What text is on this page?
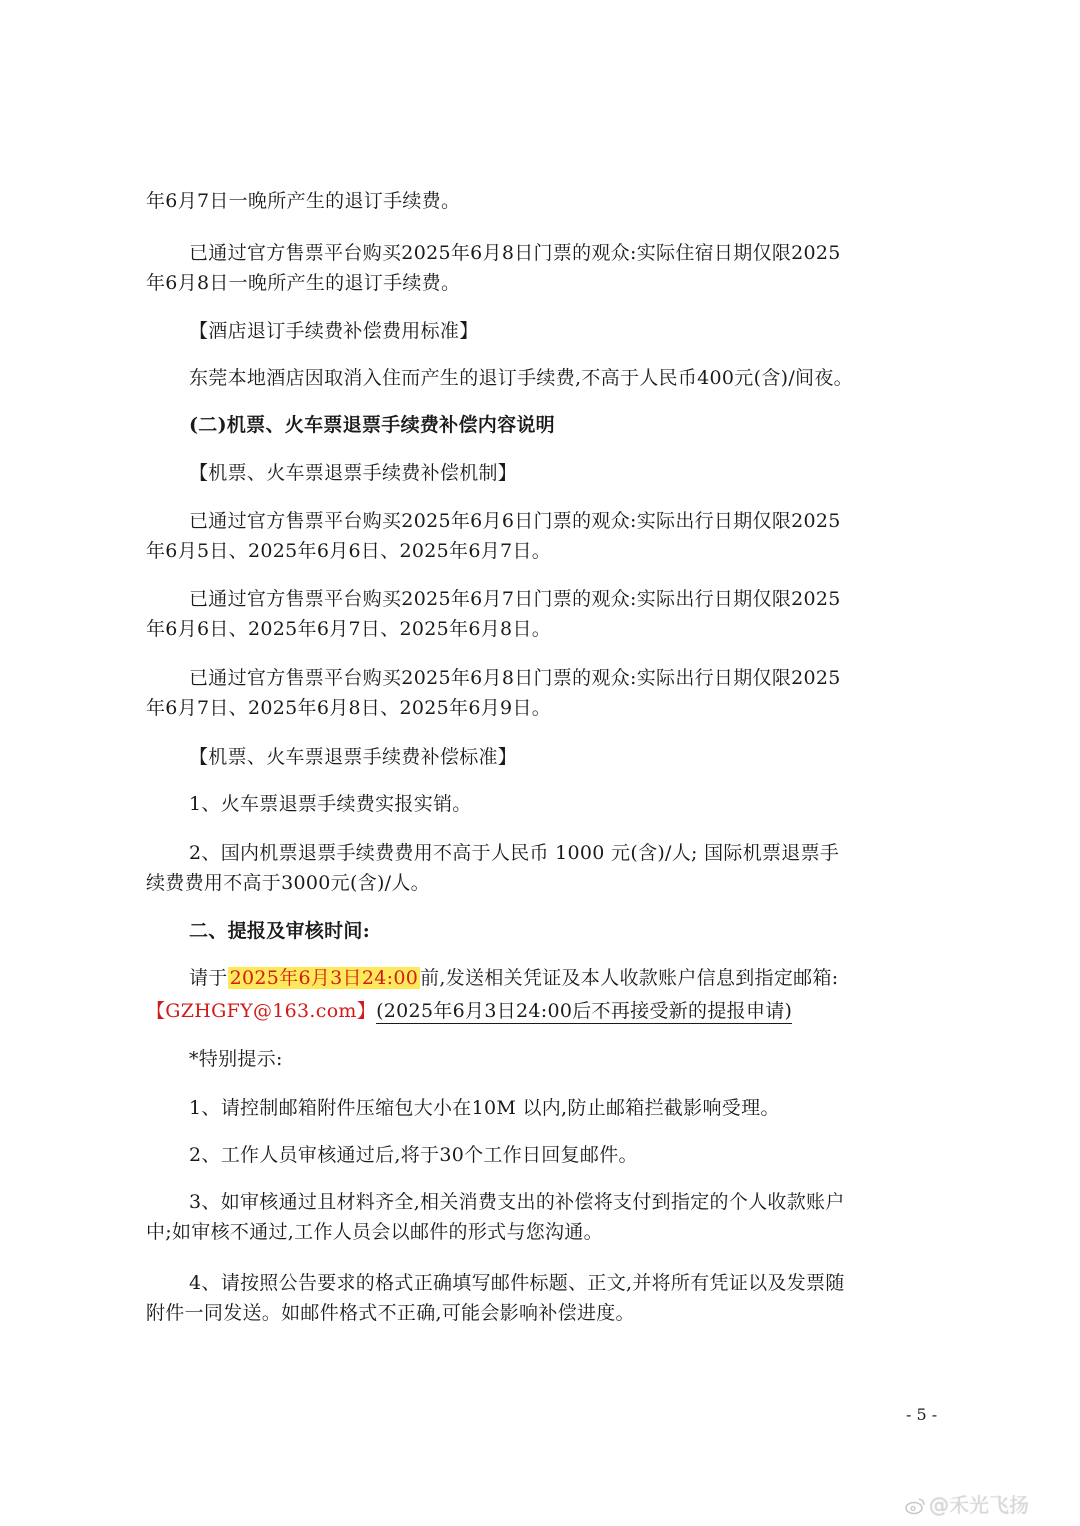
年6月7日一晚所产生的退订手续费。
已通过官方售票平台购买2025年6月8日门票的观众:实际住宿日期仅限2025
年6月8日一晚所产生的退订手续费。
【酒店退订手续费补偿费用标准】
东莞本地酒店因取消入住而产生的退订手续费,不高于人民币400元(含)/间夜。
(二)机票、火车票退票手续费补偿内容说明
【机票、火车票退票手续费补偿机制】
已通过官方售票平台购买2025年6月6日门票的观众:实际出行日期仅限2025
年6月5日、2025年6月6日、2025年6月7日。
已通过官方售票平台购买2025年6月7日门票的观众:实际出行日期仅限2025
年6月6日、2025年6月7日、2025年6月8日。
已通过官方售票平台购买2025年6月8日门票的观众:实际出行日期仅限2025
年6月7日、2025年6月8日、2025年6月9日。
【机票、火车票退票手续费补偿标准】
1、火车票退票手续费实报实销。
2、国内机票退票手续费费用不高于人民币 1000 元(含)/人; 国际机票退票手
续费费用不高于3000元(含)/人。
二、提报及审核时间:
请于 2025年6月3日24:00 前,发送相关凭证及本人收款账户信息到指定邮箱:
【GZHGFY@163.com】(2025年6月3日24:00后不再接受新的提报申请)
*特别提示:
1、请控制邮箱附件压缩包大小在10M 以内,防止邮箱拦截影响受理。
2、工作人员审核通过后,将于30个工作日回复邮件。
3、如审核通过且材料齐全,相关消费支出的补偿将支付到指定的个人收款账户
中;如审核不通过,工作人员会以邮件的形式与您沟通。
4、请按照公告要求的格式正确填写邮件标题、正文,并将所有凭证以及发票随
附件一同发送。如邮件格式不正确,可能会影响补偿进度。
- 5 -
@禾光飞扬
